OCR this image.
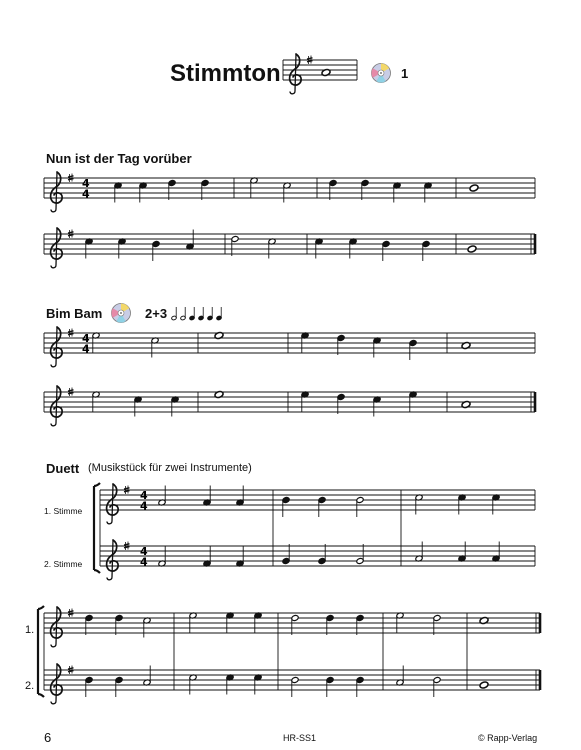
Stimmton	1
Nun ist der Tag vorüber
Bim Bam	2+3
Duett (Musikstück für zwei Instrumente)
1. Stimme
2. Stimme
1.
2.
6	HR-SS1	© Rapp-Verlag
4
4
4
4
4
4
4
4
